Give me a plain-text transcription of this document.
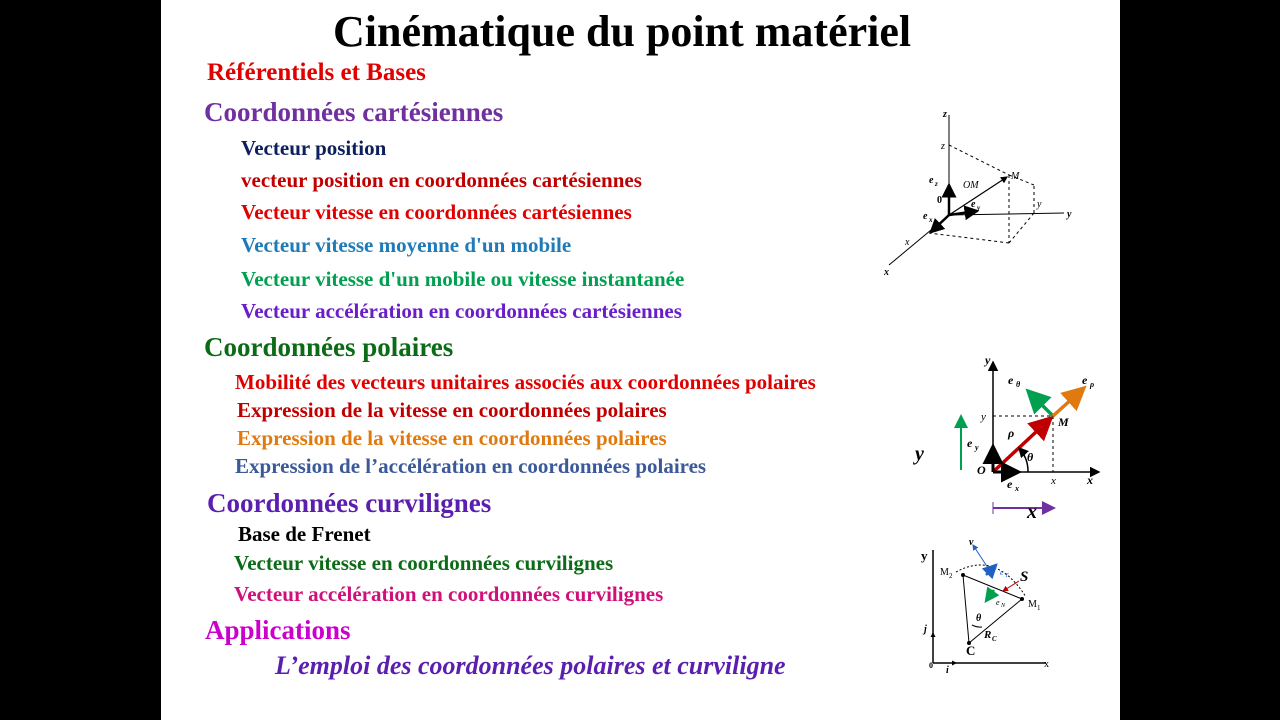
Cinématique du point matériel
Référentiels et Bases
Coordonnées cartésiennes
Vecteur position
vecteur position en coordonnées cartésiennes
Vecteur vitesse en coordonnées cartésiennes
Vecteur vitesse moyenne d'un mobile
Vecteur vitesse d'un mobile ou vitesse instantanée
Vecteur accélération en coordonnées cartésiennes
Coordonnées polaires
Mobilité des vecteurs unitaires associés aux coordonnées polaires
Expression de la vitesse en coordonnées polaires
Expression de la vitesse en coordonnées polaires
Expression de l’accélération en coordonnées polaires
Coordonnées curvilignes
Base de Frenet
Vecteur vitesse en coordonnées curvilignes
Vecteur accélération en coordonnées curvilignes
Applications
L’emploi des coordonnées polaires et curviligne
z
y
x
z
y
x
0
M
OM
e z
e y
e x
y
x
y
x
O
M
ρ
θ
e θ	e ρ
e y
e x
y
x
y
x
0
j
i
C
R C
θ
M 1
M 2
v
S
e T
e N
